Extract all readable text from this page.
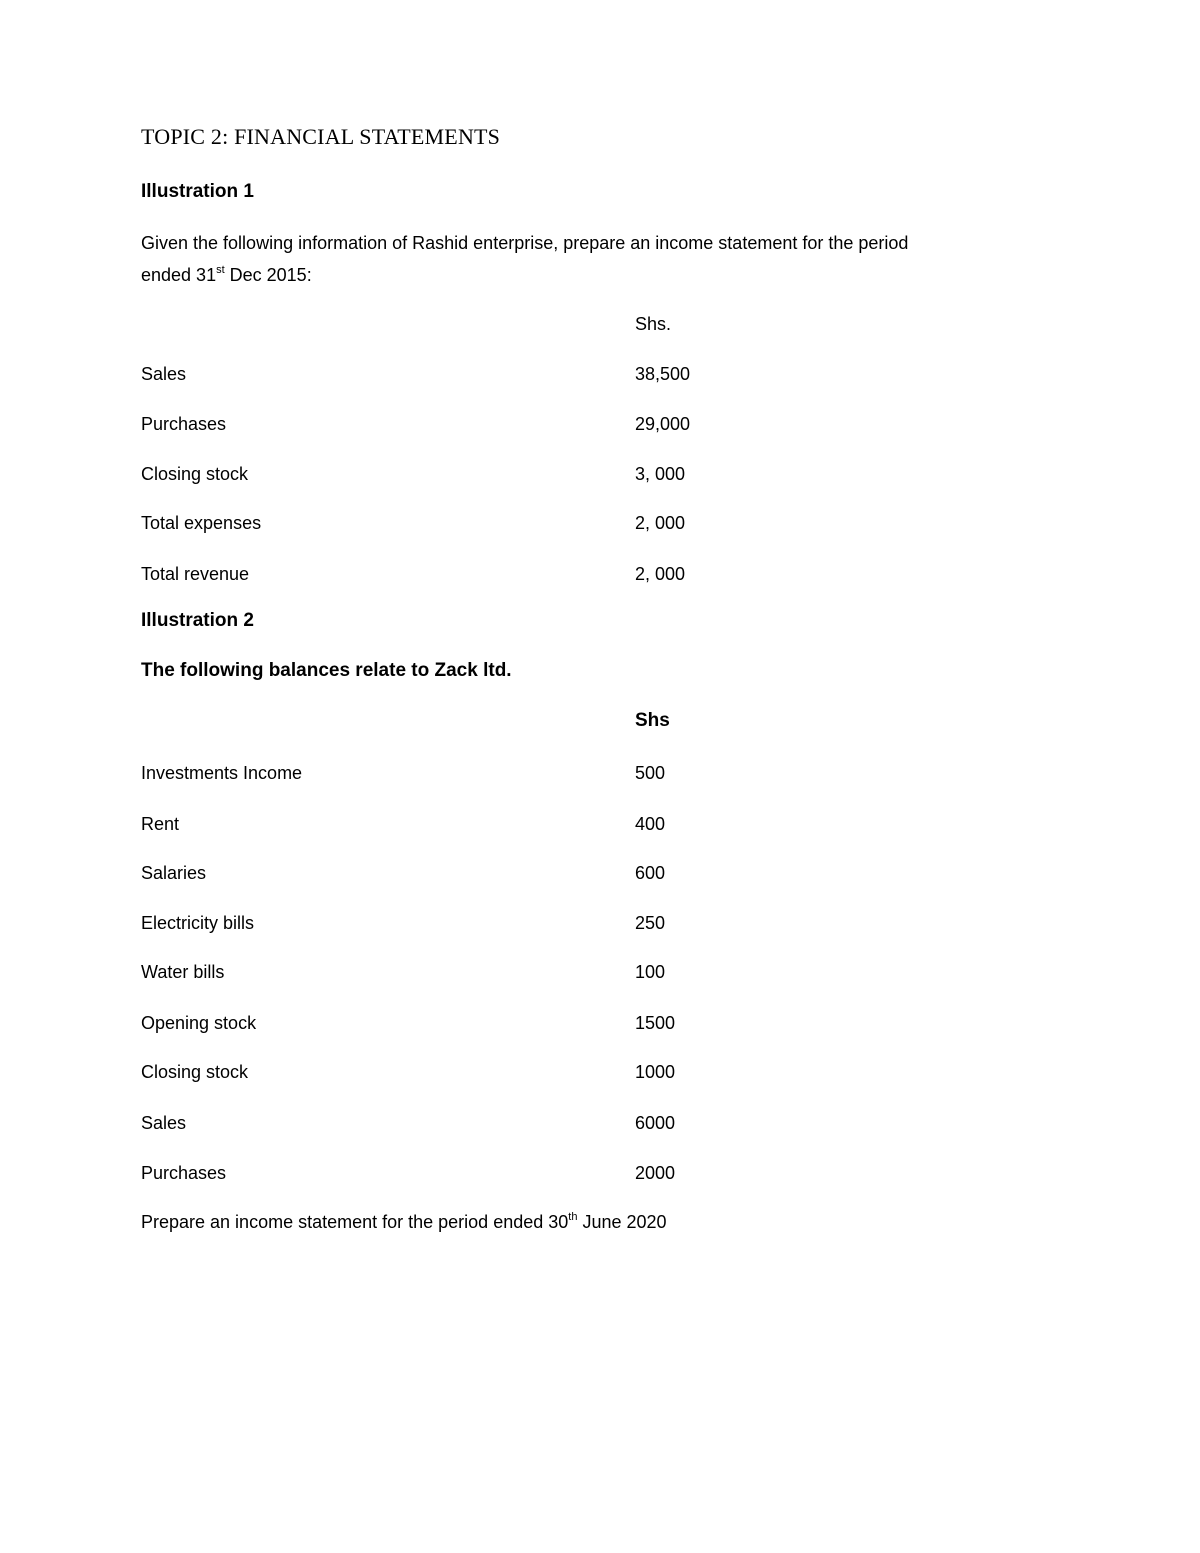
TOPIC 2: FINANCIAL STATEMENTS
Illustration 1
Given the following information of Rashid enterprise, prepare an income statement for the period
ended 31st Dec 2015:
Shs.
Sales	38,500
Purchases	29,000
Closing stock	3, 000
Total expenses	2, 000
Total revenue	2, 000
Illustration 2
The following balances relate to Zack ltd.
Shs
Investments Income	500
Rent	400
Salaries	600
Electricity bills	250
Water bills	100
Opening stock	1500
Closing stock	1000
Sales	6000
Purchases	2000
Prepare an income statement for the period ended 30th June 2020
